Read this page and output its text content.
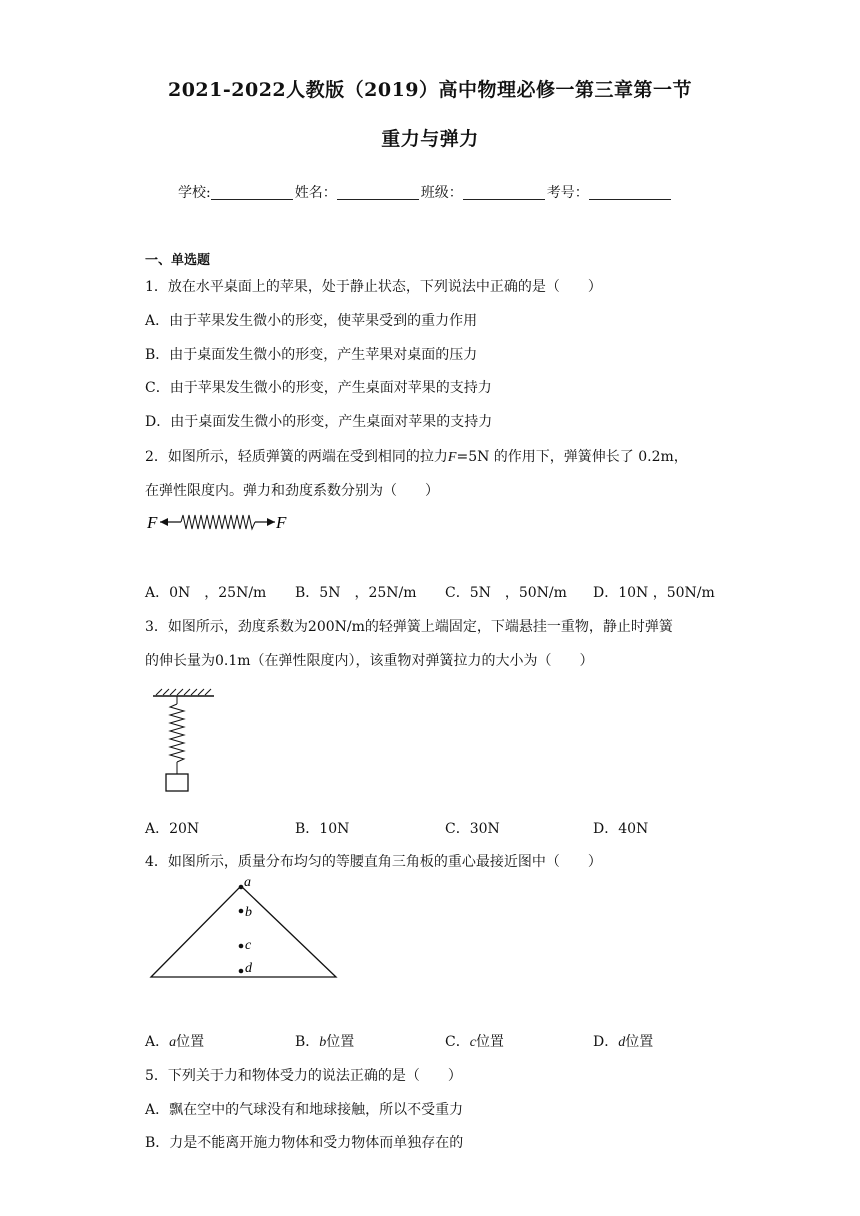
2021-2022人教版（2019）高中物理必修一第三章第一节
重力与弹力
学校:	姓名：	班级：	考号：
一、单选题
1．放在水平桌面上的苹果，处于静止状态，下列说法中正确的是（　　）
A．由于苹果发生微小的形变，使苹果受到的重力作用
B．由于桌面发生微小的形变，产生苹果对桌面的压力
C．由于苹果发生微小的形变，产生桌面对苹果的支持力
D．由于桌面发生微小的形变，产生桌面对苹果的支持力
2．如图所示，轻质弹簧的两端在受到相同的拉力F=5N 的作用下，弹簧伸长了 0.2m，
在弹性限度内。弹力和劲度系数分别为（　　）
F	F
A．0N　，25N/m B．5N　，25N/m C．5N　，50N/m D．10N ，50N/m
3．如图所示，劲度系数为200N/m的轻弹簧上端固定，下端悬挂一重物，静止时弹簧
的伸长量为0.1m（在弹性限度内），该重物对弹簧拉力的大小为（　　）
A．20N	B．10N	C．30N	D．40N
4．如图所示，质量分布均匀的等腰直角三角板的重心最接近图中（　　）
a
b
c
d
A．a位置	B．b位置	C．c位置	D．d位置
5．下列关于力和物体受力的说法正确的是（　　）
A．飘在空中的气球没有和地球接触，所以不受重力
B．力是不能离开施力物体和受力物体而单独存在的
